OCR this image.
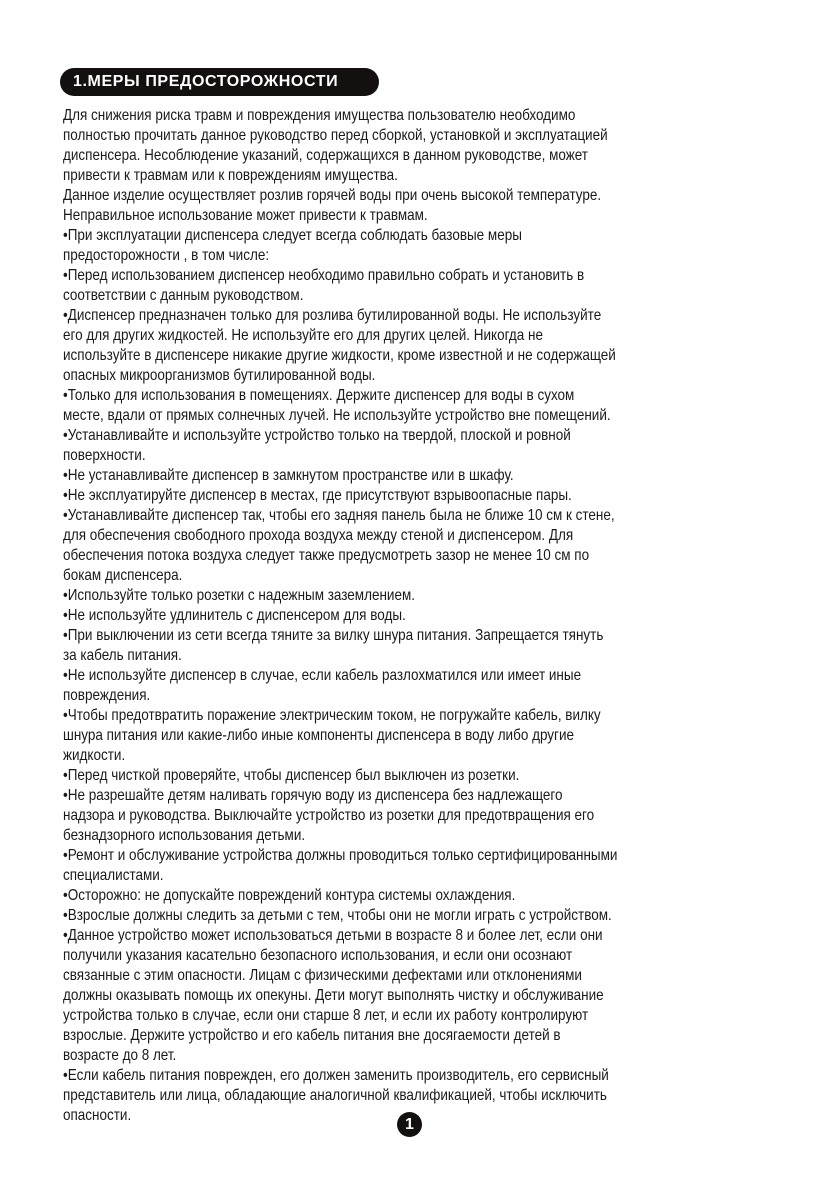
1.МЕРЫ ПРЕДОСТОРОЖНОСТИ
Для снижения риска травм и повреждения имущества пользователю необходимо
полностью прочитать данное руководство перед сборкой, установкой и эксплуатацией
диспенсера. Несоблюдение указаний, содержащихся в данном руководстве, может
привести к травмам или к повреждениям имущества.
Данное изделие осуществляет розлив горячей воды при очень высокой температуре.
Неправильное использование может привести к травмам.
•При эксплуатации диспенсера следует всегда соблюдать базовые меры
предосторожности , в том числе:
•Перед использованием диспенсер необходимо правильно собрать и установить в
соответствии с данным руководством.
•Диспенсер предназначен только для розлива бутилированной воды. Не используйте
его для других жидкостей. Не используйте его для других целей. Никогда не
используйте в диспенсере никакие другие жидкости, кроме известной и не содержащей
опасных микроорганизмов бутилированной воды.
•Только для использования в помещениях. Держите диспенсер для воды в сухом
месте, вдали от прямых солнечных лучей. Не используйте устройство вне помещений.
•Устанавливайте и используйте устройство только на твердой, плоской и ровной
поверхности.
•Не устанавливайте диспенсер в замкнутом пространстве или в шкафу.
•Не эксплуатируйте диспенсер в местах, где присутствуют взрывоопасные пары.
•Устанавливайте диспенсер так, чтобы его задняя панель была не ближе 10 см к стене,
для обеспечения свободного прохода воздуха между стеной и диспенсером. Для
обеспечения потока воздуха следует также предусмотреть зазор не менее 10 см по
бокам диспенсера.
•Используйте только розетки с надежным заземлением.
•Не используйте удлинитель с диспенсером для воды.
•При выключении из сети всегда тяните за вилку шнура питания. Запрещается тянуть
за кабель питания.
•Не используйте диспенсер в случае, если кабель разлохматился или имеет иные
повреждения.
•Чтобы предотвратить поражение электрическим током, не погружайте кабель, вилку
шнура питания или какие-либо иные компоненты диспенсера в воду либо другие
жидкости.
•Перед чисткой проверяйте, чтобы диспенсер был выключен из розетки.
•Не разрешайте детям наливать горячую воду из диспенсера без надлежащего
надзора и руководства. Выключайте устройство из розетки для предотвращения его
безнадзорного использования детьми.
•Ремонт и обслуживание устройства должны проводиться только сертифицированными
специалистами.
•Осторожно: не допускайте повреждений контура системы охлаждения.
•Взрослые должны следить за детьми с тем, чтобы они не могли играть с устройством.
•Данное устройство может использоваться детьми в возрасте 8 и более лет, если они
получили указания касательно безопасного использования, и если они осознают
связанные с этим опасности. Лицам с физическими дефектами или отклонениями
должны оказывать помощь их опекуны. Дети могут выполнять чистку и обслуживание
устройства только в случае, если они старше 8 лет, и если их работу контролируют
взрослые. Держите устройство и его кабель питания вне досягаемости детей в
возрасте до 8 лет.
•Если кабель питания поврежден, его должен заменить производитель, его сервисный
представитель или лица, обладающие аналогичной квалификацией, чтобы исключить
опасности.	1
